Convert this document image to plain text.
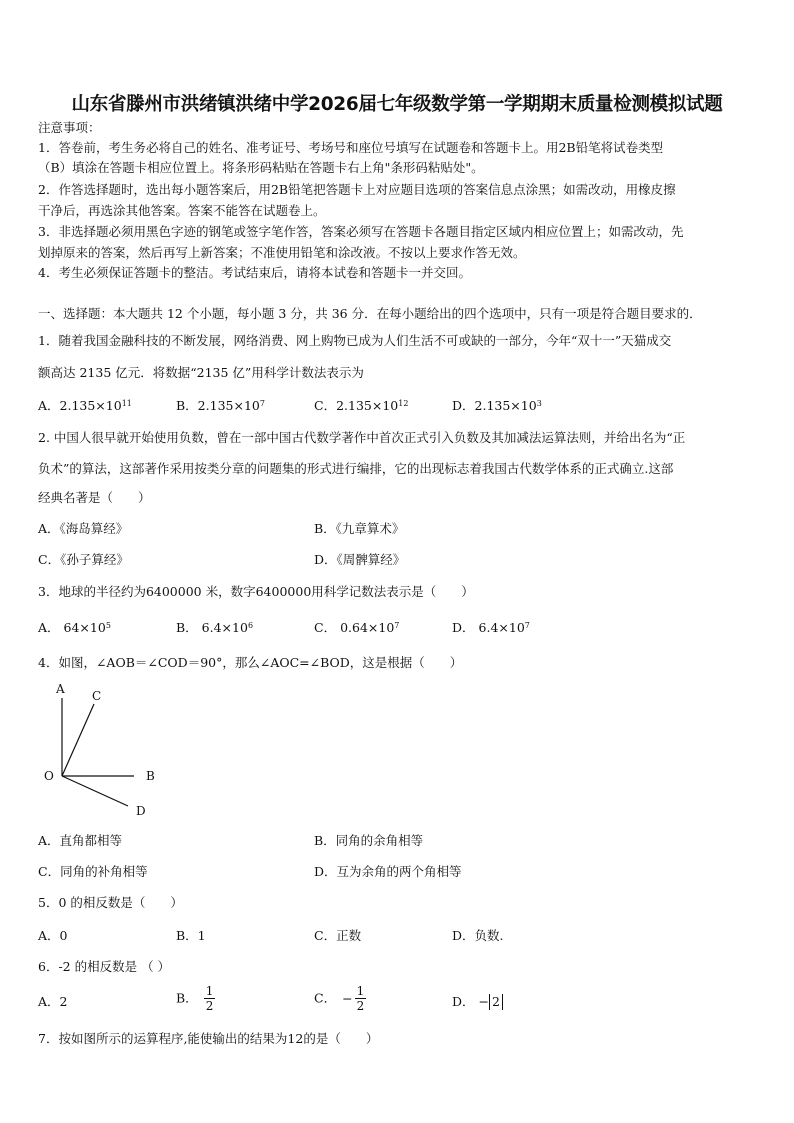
山东省滕州市洪绪镇洪绪中学2026届七年级数学第一学期期末质量检测模拟试题
注意事项：
1．答卷前，考生务必将自己的姓名、准考证号、考场号和座位号填写在试题卷和答题卡上。用2B铅笔将试卷类型
（B）填涂在答题卡相应位置上。将条形码粘贴在答题卡右上角"条形码粘贴处"。
2．作答选择题时，选出每小题答案后，用2B铅笔把答题卡上对应题目选项的答案信息点涂黑；如需改动，用橡皮擦
干净后，再选涂其他答案。答案不能答在试题卷上。
3．非选择题必须用黑色字迹的钢笔或签字笔作答，答案必须写在答题卡各题目指定区域内相应位置上；如需改动，先
划掉原来的答案，然后再写上新答案；不准使用铅笔和涂改液。不按以上要求作答无效。
4．考生必须保证答题卡的整洁。考试结束后，请将本试卷和答题卡一并交回。
一、选择题：本大题共 12 个小题，每小题 3 分，共 36 分．在每小题给出的四个选项中，只有一项是符合题目要求的．
1．随着我国金融科技的不断发展，网络消费、网上购物已成为人们生活不可或缺的一部分，今年“双十一”天猫成交
额高达 2135 亿元．将数据“2135 亿”用科学计数法表示为
A．$2.135\times 10^{11}$	B．$2.135\times 10^7$	C．$2.135\times 10^{12}$	D．$2.135\times 10^3$
2. 中国人很早就开始使用负数，曾在一部中国古代数学著作中首次正式引入负数及其加减法运算法则，并给出名为“正
负术”的算法，这部著作采用按类分章的问题集的形式进行编排，它的出现标志着我国古代数学体系的正式确立.这部
经典名著是（　　）
A．《海岛算经》	B．《九章算术》
C．《孙子算经》	D．《周髀算经》
3．地球的半径约为6400000 米，数字6400000用科学记数法表示是（　　）
A． $64\times 10^5$	B． $6.4\times 10^6$	C． $0.64\times 10^7$	D． $6.4\times 10^7$
4．如图，∠AOB＝∠COD＝90°，那么∠AOC=∠BOD，这是根据（　　）
A C
O	B
D
A．直角都相等	B．同角的余角相等
C．同角的补角相等	D．互为余角的两个角相等
5．0 的相反数是（　　）
A．0	B．1	C．正数	D．负数.
6．-2 的相反数是 （ ）
A．2	B． $\frac{1}{2}$	C． − $\frac{1}{2}$	D． − 2
7．按如图所示的运算程序,能使输出的结果为12的是（　　）
